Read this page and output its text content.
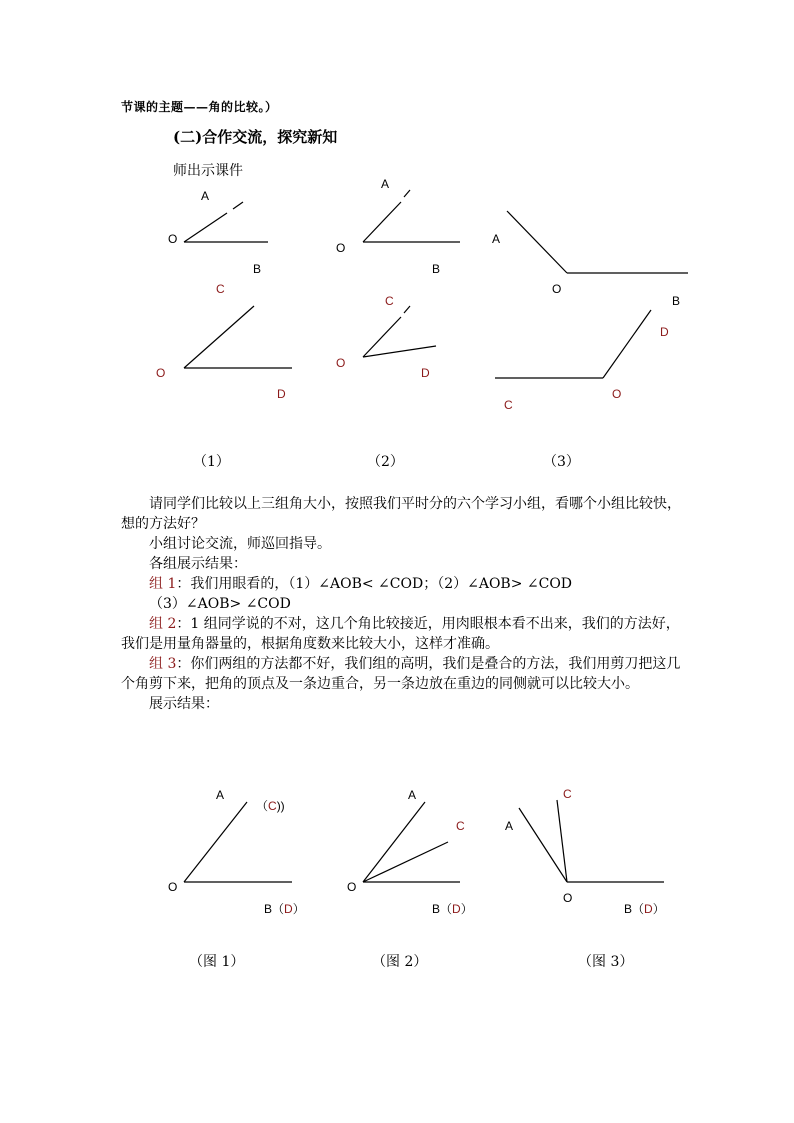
节课的主题——角的比较。）
(二)合作交流，探究新知
师出示课件
A
O
B
C
O
D
A
O
B
C
O
D
A
O
B
D
O
C
（1）	（2）	（3）

请同学们比较以上三组角大小，按照我们平时分的六个学习小组，看哪个小组比较快，想的方法好？

小组讨论交流，师巡回指导。

各组展示结果：

组 1：我们用眼看的，（1）∠AOB< ∠COD；（2）∠AOB> ∠COD

（3）∠AOB> ∠COD

组 2：1 组同学说的不对，这几个角比较接近，用肉眼根本看不出来，我们的方法好，我们是用量角器量的，根据角度数来比较大小，这样才准确。

组 3：你们两组的方法都不好，我们组的高明，我们是叠合的方法，我们用剪刀把这几个角剪下来，把角的顶点及一条边重合，另一条边放在重边的同侧就可以比较大小。

展示结果：

A
（C))
O
B（D）
A
C
O
B（D）
C
A
O
B（D）
（图 1）	（图 2）	（图 3）
